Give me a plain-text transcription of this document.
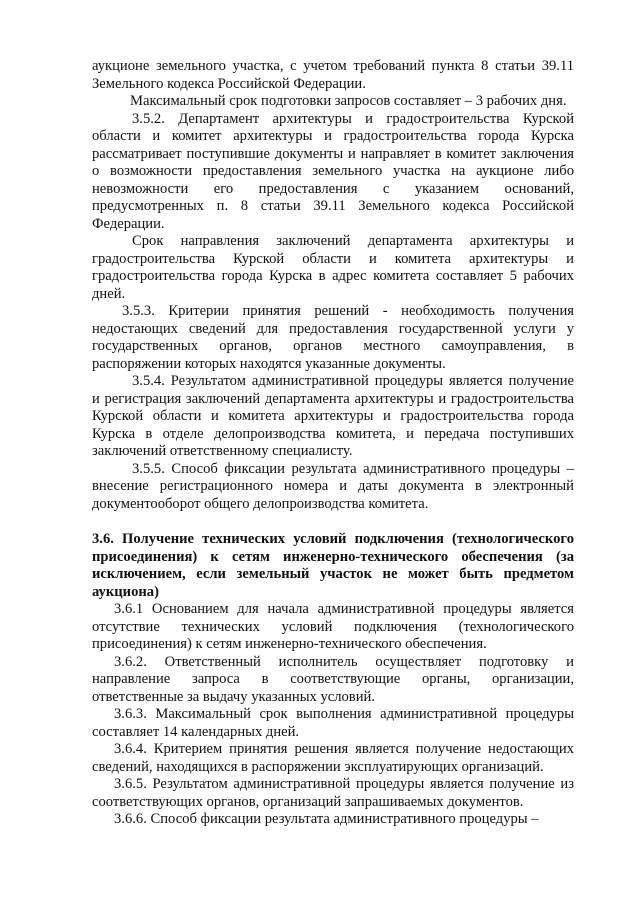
аукционе земельного участка, с учетом требований пункта 8 статьи 39.11 Земельного кодекса Российской Федерации.

Максимальный срок подготовки запросов составляет – 3 рабочих дня.

3.5.2. Департамент архитектуры и градостроительства Курской области и комитет архитектуры и градостроительства города Курска рассматривает поступившие документы и направляет в комитет заключения о возможности предоставления земельного участка на аукционе либо невозможности его предоставления с указанием оснований, предусмотренных п. 8 статьи 39.11 Земельного кодекса Российской Федерации.

Срок направления заключений департамента архитектуры и градостроительства Курской области и комитета архитектуры и градостроительства города Курска в адрес комитета составляет 5 рабочих дней.

3.5.3. Критерии принятия решений - необходимость получения недостающих сведений для предоставления государственной услуги у государственных органов, органов местного самоуправления, в распоряжении которых находятся указанные документы.

3.5.4. Результатом административной процедуры является получение и регистрация заключений департамента архитектуры и градостроительства Курской области и комитета архитектуры и градостроительства города Курска в отделе делопроизводства комитета, и передача поступивших заключений ответственному специалисту.

3.5.5. Способ фиксации результата административного процедуры – внесение регистрационного номера и даты документа в электронный документооборот общего делопроизводства комитета.

3.6. Получение технических условий подключения (технологического присоединения) к сетям инженерно-технического обеспечения (за исключением, если земельный участок не может быть предметом аукциона)

3.6.1 Основанием для начала административной процедуры является отсутствие технических условий подключения (технологического присоединения) к сетям инженерно-технического обеспечения.

3.6.2. Ответственный исполнитель осуществляет подготовку и направление запроса в соответствующие органы, организации, ответственные за выдачу указанных условий.

3.6.3. Максимальный срок выполнения административной процедуры составляет 14 календарных дней.

3.6.4. Критерием принятия решения является получение недостающих сведений, находящихся в распоряжении эксплуатирующих организаций.

3.6.5. Результатом административной процедуры является получение из соответствующих органов, организаций запрашиваемых документов.

3.6.6. Способ фиксации результата административного процедуры –
